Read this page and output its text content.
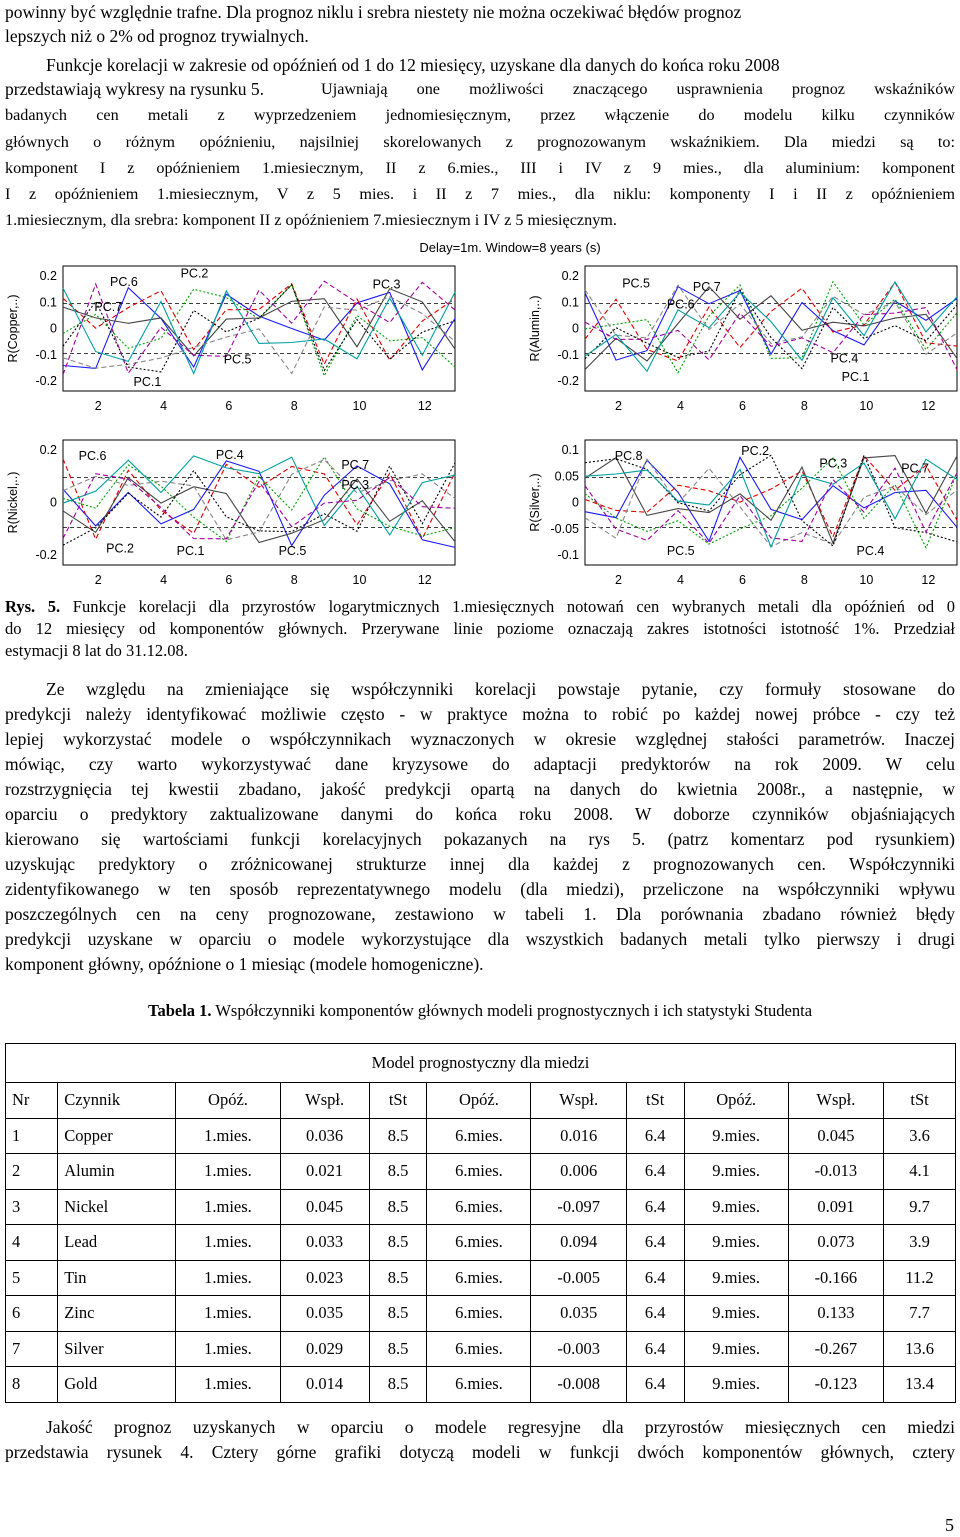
powinny być względnie trafne. Dla prognoz niklu i srebra niestety nie można oczekiwać błędów prognoz
lepszych niż o 2% od prognoz trywialnych.
Funkcje korelacji w zakresie od opóźnień od 1 do 12 miesięcy, uzyskane dla danych do końca roku 2008
przedstawiają wykresy na rysunku 5.	Ujawniają one możliwości znaczącego usprawnienia prognoz wskaźników
badanych cen metali z wyprzedzeniem jednomiesięcznym, przez włączenie do modelu kilku czynników
głównych o różnym opóźnieniu, najsilniej skorelowanych z prognozowanym wskaźnikiem. Dla miedzi są to:
komponent I z opóźnieniem 1.miesiecznym, II z 6.mies., III i IV z 9 mies., dla aluminium: komponent
I z opóźnieniem 1.miesiecznym, V z 5 mies. i II z 7 mies., dla niklu: komponenty I i II z opóźnieniem
1.miesiecznym, dla srebra: komponent II z opóźnieniem 7.miesiecznym i IV z 5 miesięcznym.
Delay=1m. Window=8 years (s)
0.2
0.1
0
-0.1
-0.2
2	4	6	8	10	12
R(Copper,..)
PC.6
PC.2
PC.3
PC.7
PC.5
PC.1
0.2
0.1
0
-0.1
-0.2
2	4	6	8	10	12
R(Alumin,..)
PC.5	PC.7
PC.6
PC.1
PC.4
0.2
0
-0.2
2	4	6	8	10	12
R(Nickel,..)
PC.6	PC.4
PC.7
PC.3
PC.2	PC.1	PC.5
0.1
0.05
0
-0.05
-0.1
2	4	6	8	10	12
R(Silver,..)
PC.8	PC.2
PC.3	PC.7
PC.5	PC.4
Rys. 5. Funkcje korelacji dla przyrostów logarytmicznych 1.miesięcznych notowań cen wybranych metali dla opóźnień od 0
do 12 miesięcy od komponentów głównych. Przerywane linie poziome oznaczają zakres istotności istotność 1%. Przedział
estymacji 8 lat do 31.12.08.
Ze względu na zmieniające się współczynniki korelacji powstaje pytanie, czy formuły stosowane do
predykcji należy identyfikować możliwie często - w praktyce można to robić po każdej nowej próbce - czy też
lepiej wykorzystać modele o współczynnikach wyznaczonych w okresie względnej stałości parametrów. Inaczej
mówiąc, czy warto wykorzystywać dane kryzysowe do adaptacji predyktorów na rok 2009. W celu
rozstrzygnięcia tej kwestii zbadano, jakość predykcji opartą na danych do kwietnia 2008r., a następnie, w
oparciu o predyktory zaktualizowane danymi do końca roku 2008. W doborze czynników objaśniających
kierowano się wartościami funkcji korelacyjnych pokazanych na rys 5. (patrz komentarz pod rysunkiem)
uzyskując predyktory o zróżnicowanej strukturze innej dla każdej z prognozowanych cen. Współczynniki
zidentyfikowanego w ten sposób reprezentatywnego modelu (dla miedzi), przeliczone na współczynniki wpływu
poszczególnych cen na ceny prognozowane, zestawiono w tabeli 1. Dla porównania zbadano również błędy
predykcji uzyskane w oparciu o modele wykorzystujące dla wszystkich badanych metali tylko pierwszy i drugi
komponent główny, opóźnione o 1 miesiąc (modele homogeniczne).
Tabela 1. Współczynniki komponentów głównych modeli prognostycznych i ich statystyki Studenta
Model prognostyczny dla miedzi										
Nr	Czynnik	Opóź.	Wspł.	tSt	Opóź.	Wspł.	tSt	Opóź.	Wspł.	tSt
1	Copper	1.mies.	0.036	8.5	6.mies.	0.016	6.4	9.mies.	0.045	3.6
2	Alumin	1.mies.	0.021	8.5	6.mies.	0.006	6.4	9.mies.	-0.013	4.1
3	Nickel	1.mies.	0.045	8.5	6.mies.	-0.097	6.4	9.mies.	0.091	9.7
4	Lead	1.mies.	0.033	8.5	6.mies.	0.094	6.4	9.mies.	0.073	3.9
5	Tin	1.mies.	0.023	8.5	6.mies.	-0.005	6.4	9.mies.	-0.166	11.2
6	Zinc	1.mies.	0.035	8.5	6.mies.	0.035	6.4	9.mies.	0.133	7.7
7	Silver	1.mies.	0.029	8.5	6.mies.	-0.003	6.4	9.mies.	-0.267	13.6
8	Gold	1.mies.	0.014	8.5	6.mies.	-0.008	6.4	9.mies.	-0.123	13.4
Jakość prognoz uzyskanych w oparciu o modele regresyjne dla przyrostów miesięcznych cen miedzi
przedstawia rysunek 4. Cztery górne grafiki dotyczą modeli w funkcji dwóch komponentów głównych, cztery
5
